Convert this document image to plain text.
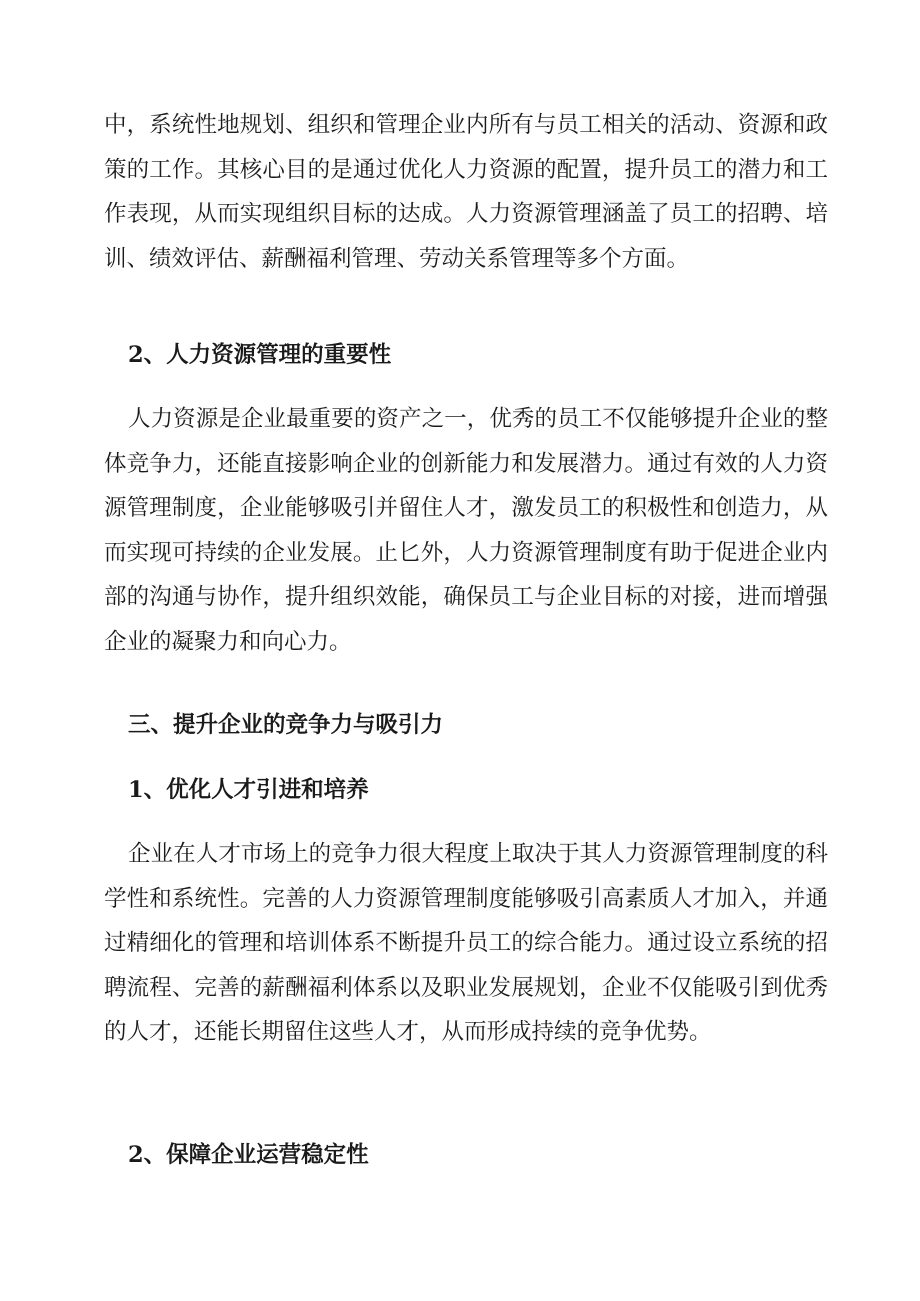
中，系统性地规划、组织和管理企业内所有与员工相关的活动、资源和政策的工作。其核心目的是通过优化人力资源的配置，提升员工的潜力和工作表现，从而实现组织目标的达成。人力资源管理涵盖了员工的招聘、培训、绩效评估、薪酬福利管理、劳动关系管理等多个方面。

2、人力资源管理的重要性

人力资源是企业最重要的资产之一，优秀的员工不仅能够提升企业的整体竞争力，还能直接影响企业的创新能力和发展潜力。通过有效的人力资源管理制度，企业能够吸引并留住人才，激发员工的积极性和创造力，从而实现可持续的企业发展。止匕外，人力资源管理制度有助于促进企业内部的沟通与协作，提升组织效能，确保员工与企业目标的对接，进而增强企业的凝聚力和向心力。

三、提升企业的竞争力与吸引力
1、优化人才引进和培养

企业在人才市场上的竞争力很大程度上取决于其人力资源管理制度的科学性和系统性。完善的人力资源管理制度能够吸引高素质人才加入，并通过精细化的管理和培训体系不断提升员工的综合能力。通过设立系统的招聘流程、完善的薪酬福利体系以及职业发展规划，企业不仅能吸引到优秀的人才，还能长期留住这些人才，从而形成持续的竞争优势。

2、保障企业运营稳定性
